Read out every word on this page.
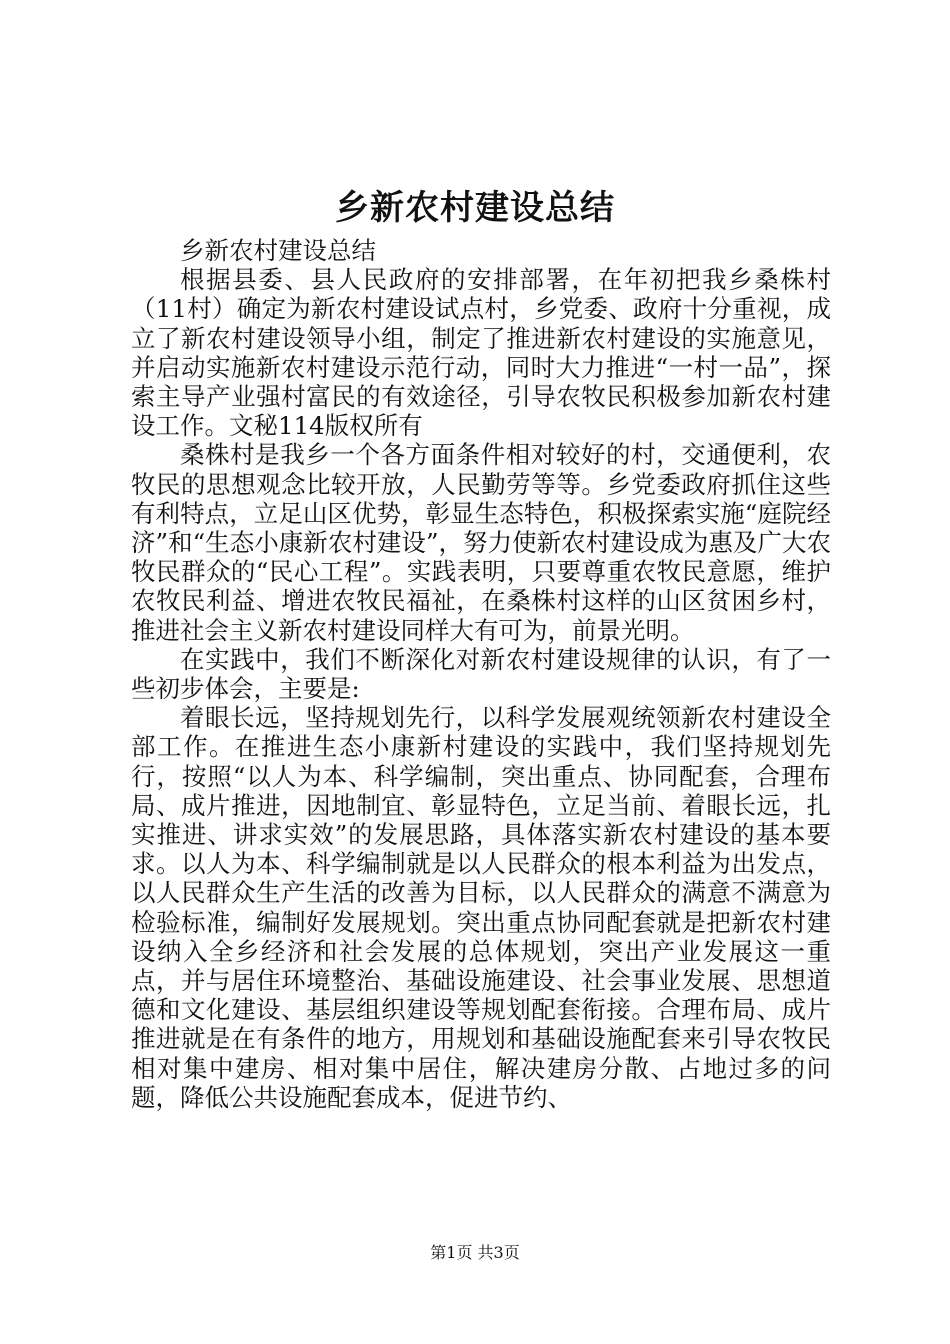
乡新农村建设总结

乡新农村建设总结

根据县委、县人民政府的安排部署，在年初把我乡桑株村（11村）确定为新农村建设试点村，乡党委、政府十分重视，成立了新农村建设领导小组，制定了推进新农村建设的实施意见，并启动实施新农村建设示范行动，同时大力推进“一村一品”，探索主导产业强村富民的有效途径，引导农牧民积极参加新农村建设工作。文秘114版权所有

桑株村是我乡一个各方面条件相对较好的村，交通便利，农牧民的思想观念比较开放，人民勤劳等等。乡党委政府抓住这些有利特点，立足山区优势，彰显生态特色，积极探索实施“庭院经济”和“生态小康新农村建设”，努力使新农村建设成为惠及广大农牧民群众的“民心工程”。实践表明，只要尊重农牧民意愿，维护农牧民利益、增进农牧民福祉，在桑株村这样的山区贫困乡村，推进社会主义新农村建设同样大有可为，前景光明。

在实践中，我们不断深化对新农村建设规律的认识，有了一些初步体会，主要是:

着眼长远，坚持规划先行，以科学发展观统领新农村建设全部工作。在推进生态小康新村建设的实践中，我们坚持规划先行，按照“以人为本、科学编制，突出重点、协同配套，合理布局、成片推进，因地制宜、彰显特色，立足当前、着眼长远，扎实推进、讲求实效”的发展思路，具体落实新农村建设的基本要求。以人为本、科学编制就是以人民群众的根本利益为出发点，以人民群众生产生活的改善为目标，以人民群众的满意不满意为检验标准，编制好发展规划。突出重点协同配套就是把新农村建设纳入全乡经济和社会发展的总体规划，突出产业发展这一重点，并与居住环境整治、基础设施建设、社会事业发展、思想道德和文化建设、基层组织建设等规划配套衔接。合理布局、成片推进就是在有条件的地方，用规划和基础设施配套来引导农牧民相对集中建房、相对集中居住，解决建房分散、占地过多的问题，降低公共设施配套成本，促进节约、

第1页 共3页
